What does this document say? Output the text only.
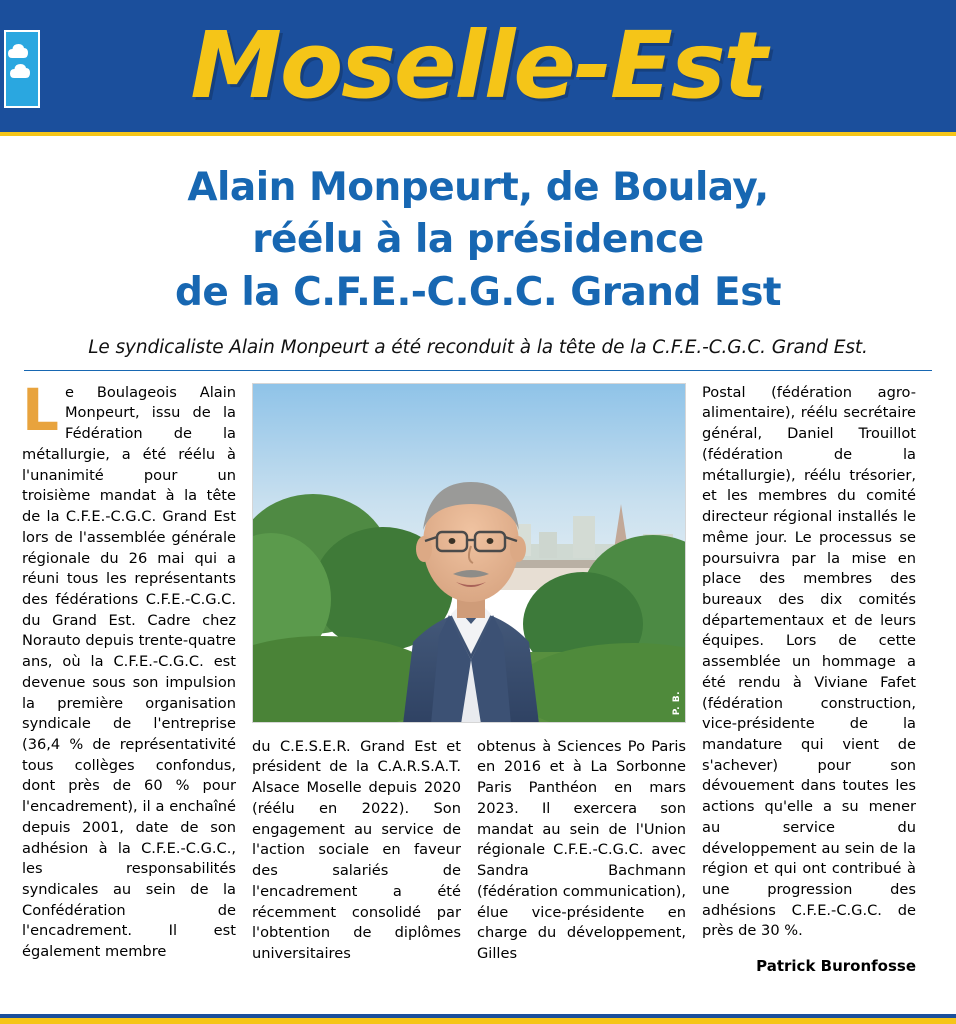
Moselle-Est
Alain Monpeurt, de Boulay,
réélu à la présidence
de la C.F.E.-C.G.C. Grand Est
Le syndicaliste Alain Monpeurt a été reconduit à la tête de la C.F.E.-C.G.C. Grand Est.

Le Boulageois Alain Monpeurt, issu de la Fédération de la métallurgie, a été réélu à l'unanimité pour un troisième mandat à la tête de la C.F.E.-C.G.C. Grand Est lors de l'assemblée générale régionale du 26 mai qui a réuni tous les représentants des fédérations C.F.E.-C.G.C. du Grand Est. Cadre chez Norauto depuis trente-quatre ans, où la C.F.E.-C.G.C. est devenue sous son impulsion la première organisation syndicale de l'entreprise (36,4 % de représentativité tous collèges confondus, dont près de 60 % pour l'encadrement), il a enchaîné depuis 2001, date de son adhésion à la C.F.E.-C.G.C., les responsabilités syndicales au sein de la Confédération de l'encadrement. Il est également membre

P. B.

du C.E.S.E.R. Grand Est et président de la C.A.R.S.A.T. Alsace Moselle depuis 2020 (réélu en 2022). Son engagement au service de l'action sociale en faveur des salariés de l'encadrement a été récemment consolidé par l'obtention de diplômes universitaires

obtenus à Sciences Po Paris en 2016 et à La Sorbonne Paris Panthéon en mars 2023. Il exercera son mandat au sein de l'Union régionale C.F.E.-C.G.C. avec Sandra Bachmann (fédération communication), élue vice-présidente en charge du développement, Gilles

Postal (fédération agro-alimentaire), réélu secrétaire général, Daniel Trouillot (fédération de la métallurgie), réélu trésorier, et les membres du comité directeur régional installés le même jour. Le processus se poursuivra par la mise en place des membres des bureaux des dix comités départementaux et de leurs équipes. Lors de cette assemblée un hommage a été rendu à Viviane Fafet (fédération construction, vice-présidente de la mandature qui vient de s'achever) pour son dévouement dans toutes les actions qu'elle a su mener au service du développement au sein de la région et qui ont contribué à une progression des adhésions C.F.E.-C.G.C. de près de 30 %.

Patrick Buronfosse
